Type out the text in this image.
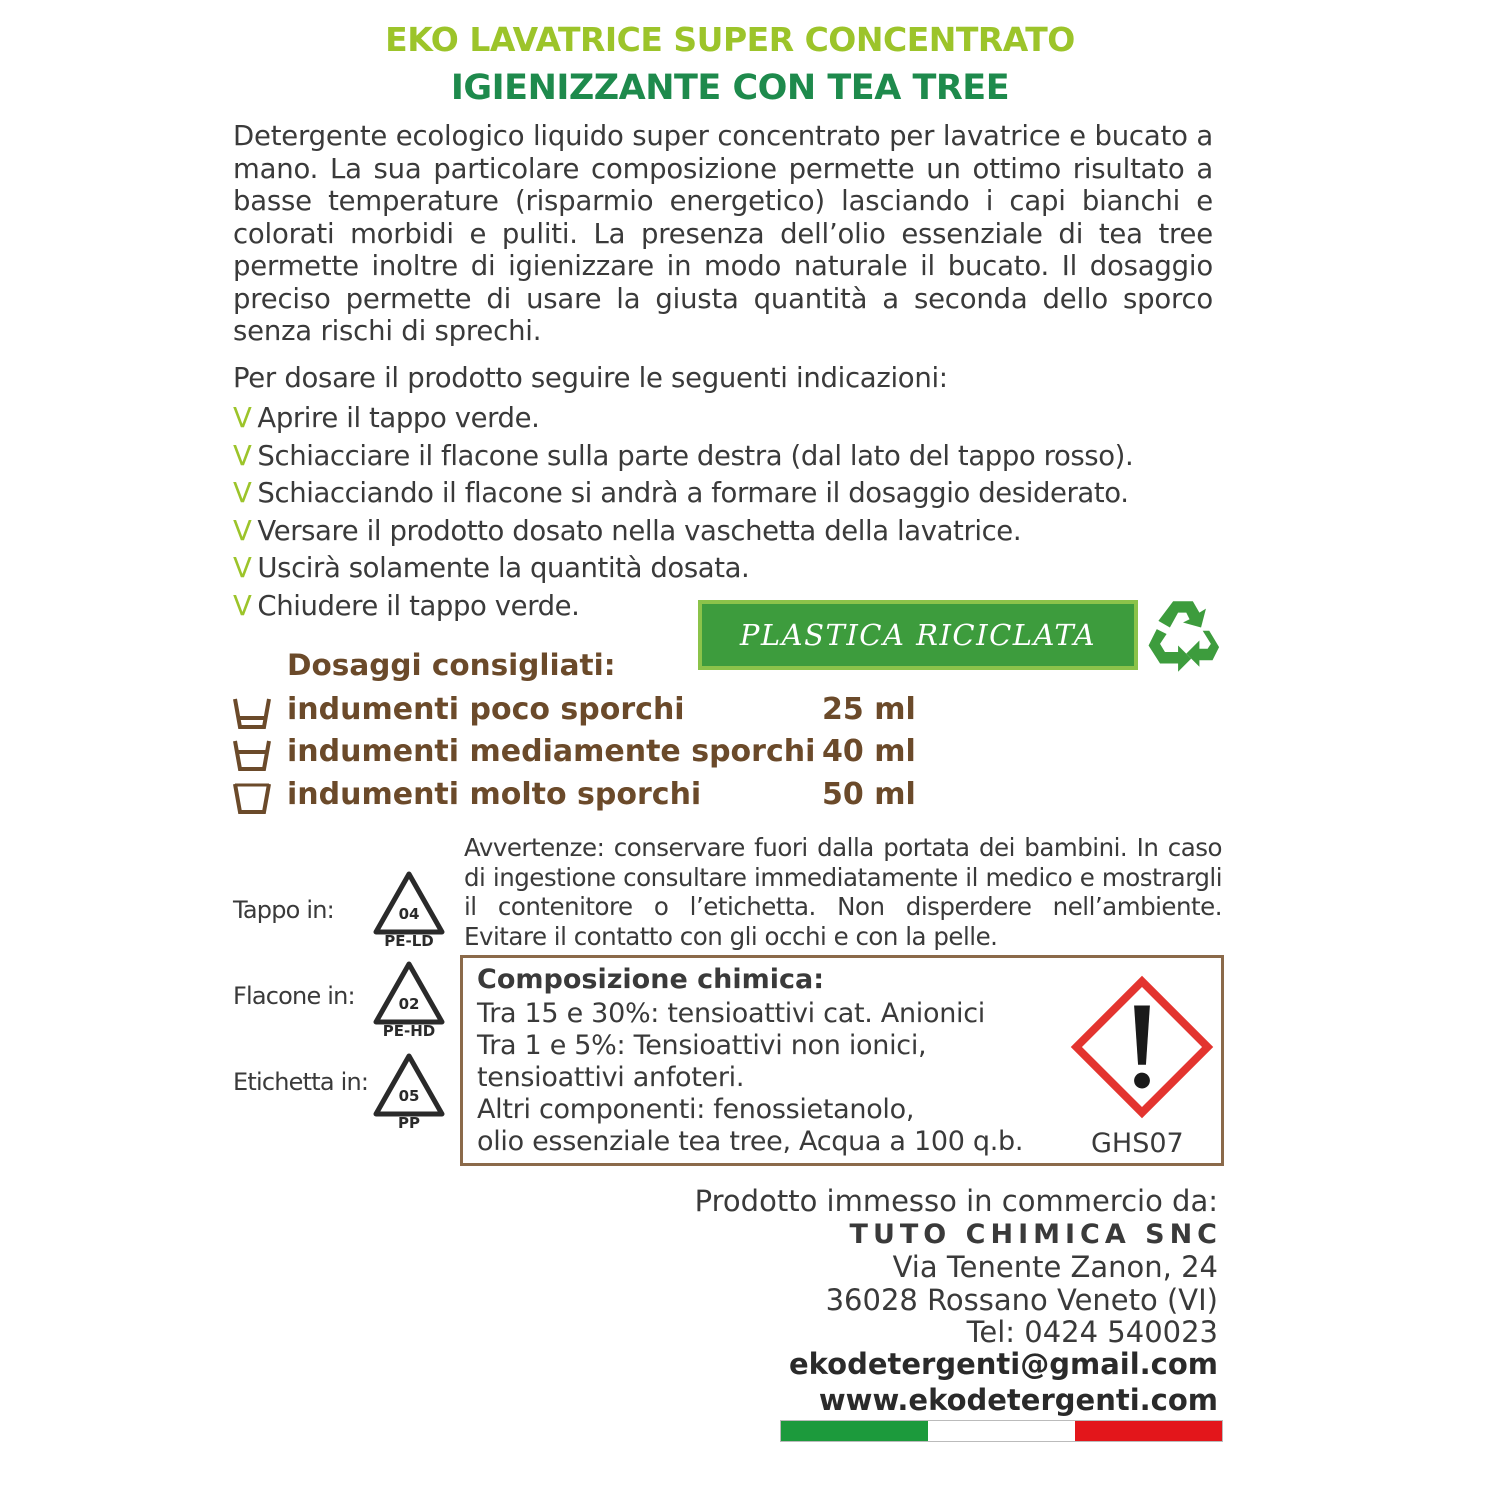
EKO LAVATRICE SUPER CONCENTRATO
IGIENIZZANTE CON TEA TREE

Detergente ecologico liquido super concentrato per lavatrice e bucato a mano. La sua particolare composizione permette un ottimo risultato a basse temperature (risparmio energetico) lasciando i capi bianchi e colorati morbidi e puliti. La presenza dell’olio essenziale di tea tree permette inoltre di igienizzare in modo naturale il bucato. Il dosaggio preciso permette di usare la giusta quantità a seconda dello sporco senza rischi di sprechi.

Per dosare il prodotto seguire le seguenti indicazioni:
V Aprire il tappo verde.
V Schiacciare il flacone sulla parte destra (dal lato del tappo rosso).
V Schiacciando il flacone si andrà a formare il dosaggio desiderato.
V Versare il prodotto dosato nella vaschetta della lavatrice.
V Uscirà solamente la quantità dosata.
V Chiudere il tappo verde.
PLASTICA RICICLATA
Dosaggi consigliati:
indumenti poco sporchi	25 ml
indumenti mediamente sporchi 40 ml
indumenti molto sporchi	50 ml

Avvertenze: conservare fuori dalla portata dei bambini. In caso di ingestione consultare immediatamente il medico e mostrargli il contenitore o l’etichetta. Non disperdere nell’ambiente. Evitare il contatto con gli occhi e con la pelle.

Tappo in:	04
PE-LD
Flacone in:	02
PE-HD
Etichetta in: 05
PP
Composizione chimica:
Tra 15 e 30%: tensioattivi cat. Anionici
Tra 1 e 5%: Tensioattivi non ionici,
tensioattivi anfoteri.
Altri componenti: fenossietanolo,
olio essenziale tea tree, Acqua a 100 q.b.	GHS07
Prodotto immesso in commercio da:
TUTO CHIMICA SNC
Via Tenente Zanon, 24
36028 Rossano Veneto (VI)
Tel: 0424 540023
ekodetergenti@gmail.com
www.ekodetergenti.com
